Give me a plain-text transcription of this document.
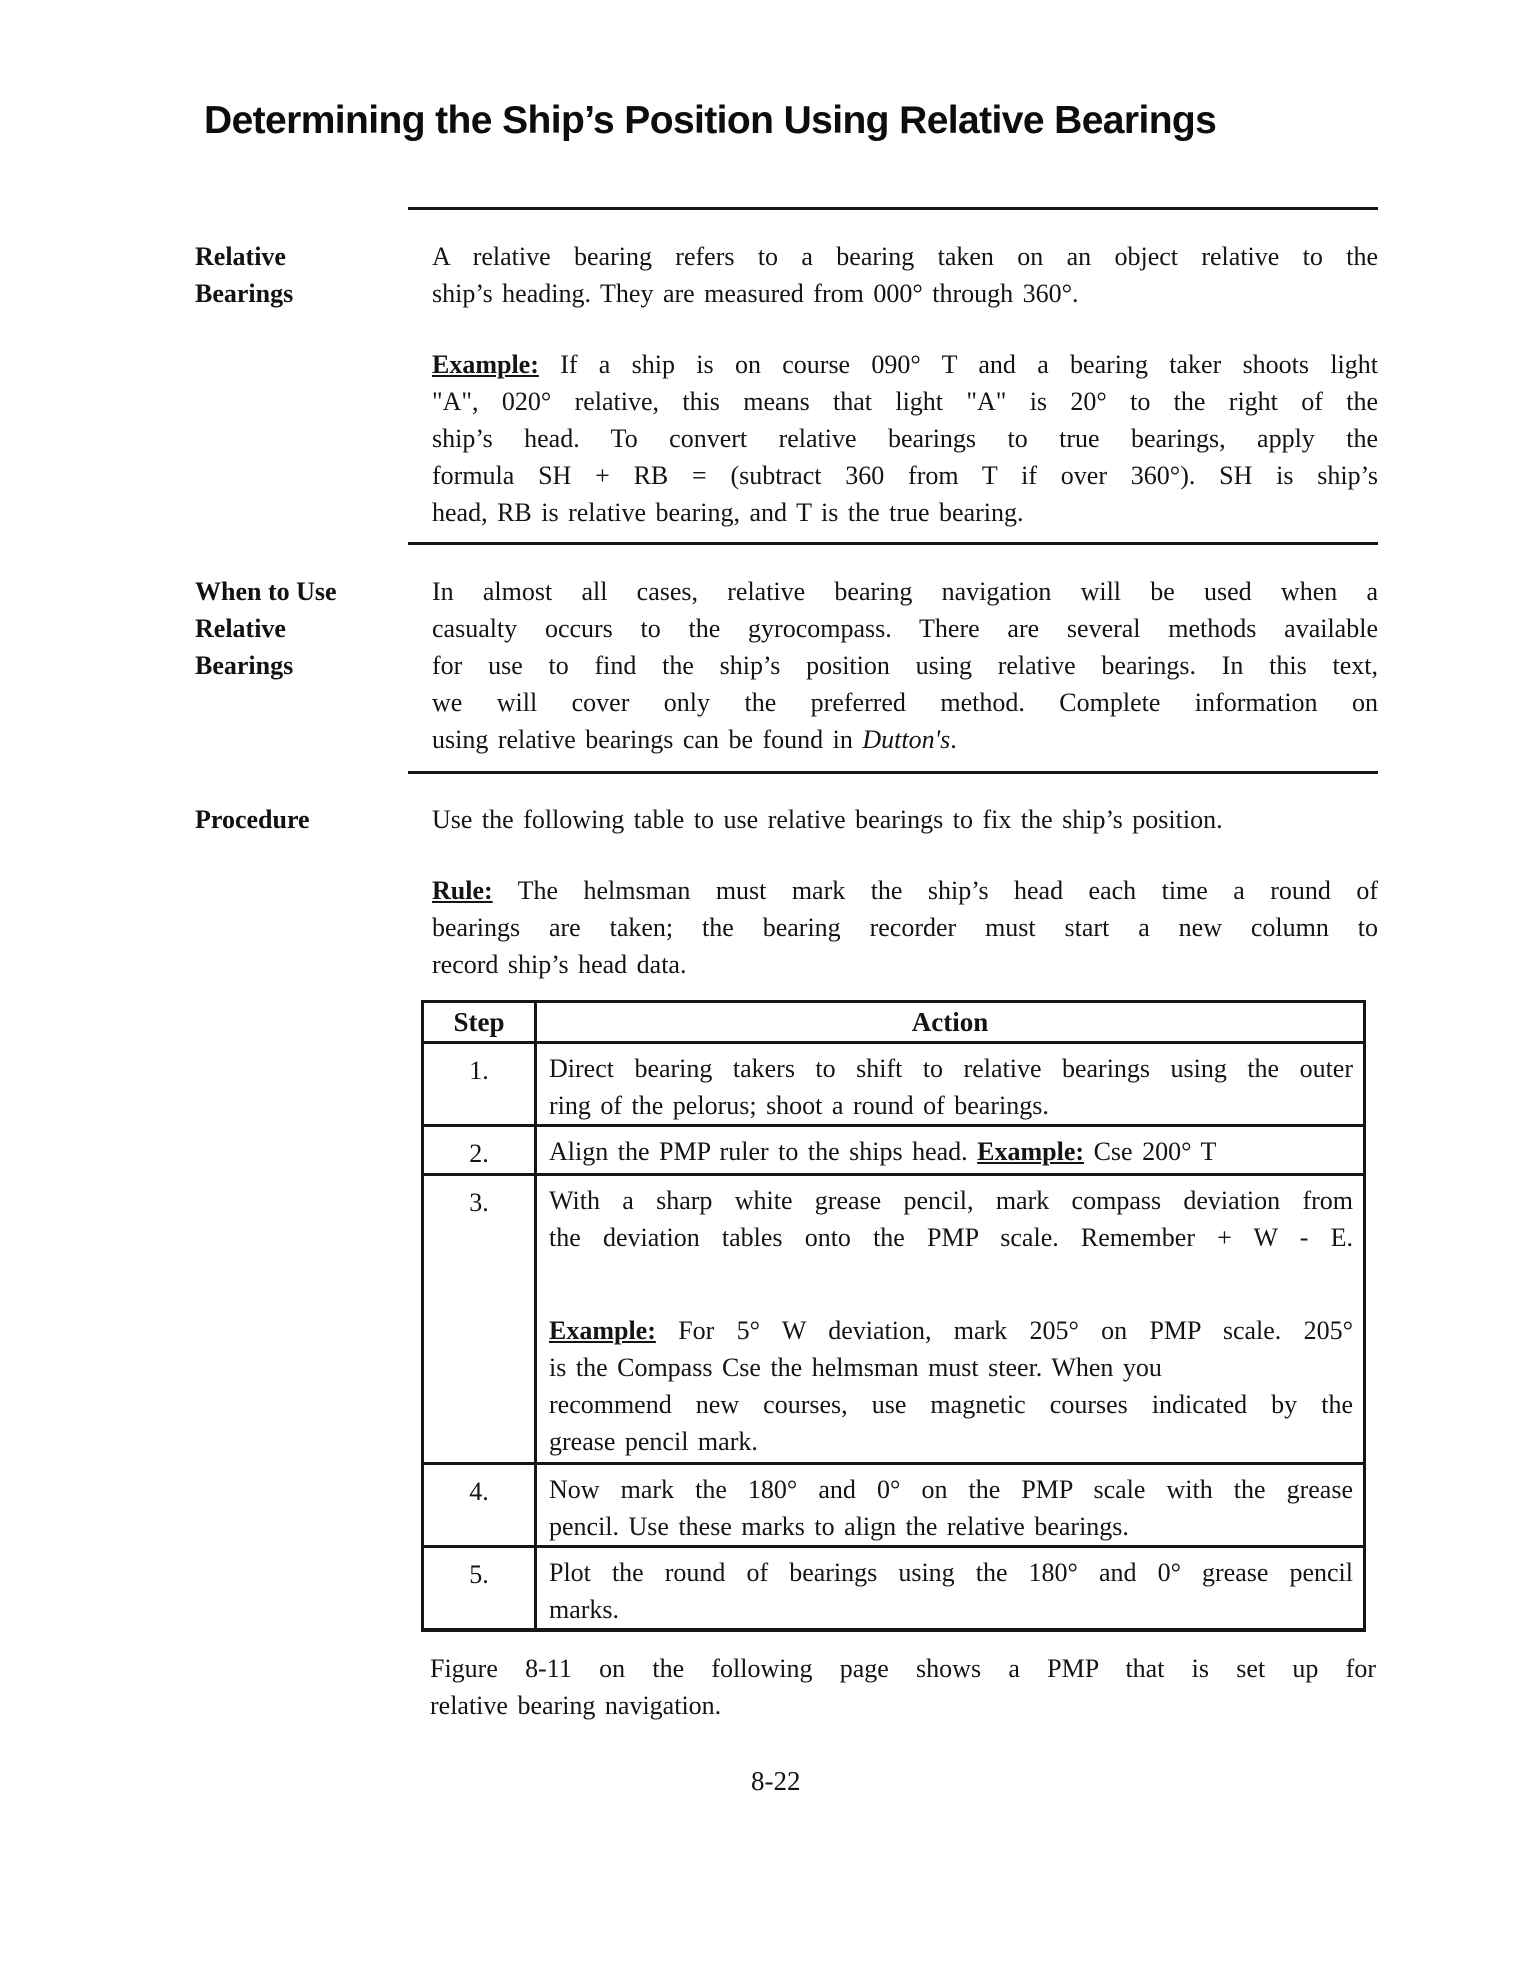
Determining the Ship’s Position Using Relative Bearings
Relative
Bearings
A relative bearing refers to a bearing taken on an object relative to the
ship’s heading. They are measured from 000° through 360°.
Example: If a ship is on course 090° T and a bearing taker shoots light
"A", 020° relative, this means that light "A" is 20° to the right of the
ship’s head. To convert relative bearings to true bearings, apply the
formula SH + RB = (subtract 360 from T if over 360°). SH is ship’s
head, RB is relative bearing, and T is the true bearing.
When to Use
Relative
Bearings
In almost all cases, relative bearing navigation will be used when a
casualty occurs to the gyrocompass. There are several methods available
for use to find the ship’s position using relative bearings. In this text,
we will cover only the preferred method. Complete information on
using relative bearings can be found in Dutton's.
Procedure	Use the following table to use relative bearings to fix the ship’s position.
Rule: The helmsman must mark the ship’s head each time a round of
bearings are taken; the bearing recorder must start a new column to
record ship’s head data.
Step	Action
1.	Direct bearing takers to shift to relative bearings using the outer
ring of the pelorus; shoot a round of bearings.

2.	Align the PMP ruler to the ships head. Example: Cse 200° T

3.	With a sharp white grease pencil, mark compass deviation from
the deviation tables onto the PMP scale. Remember + W - E.
Example: For 5° W deviation, mark 205° on PMP scale. 205°
is the Compass Cse the helmsman must steer. When you
recommend new courses, use magnetic courses indicated by the
grease pencil mark.

4.	Now mark the 180° and 0° on the PMP scale with the grease
pencil. Use these marks to align the relative bearings.

5.	Plot the round of bearings using the 180° and 0° grease pencil
marks.
Figure 8-11 on the following page shows a PMP that is set up for
relative bearing navigation.
8-22
